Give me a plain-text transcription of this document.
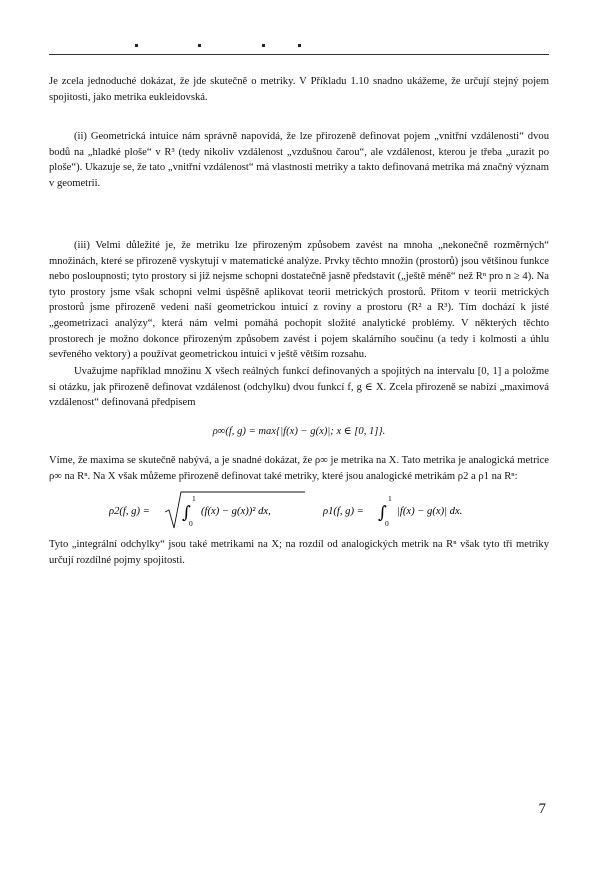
Je zcela jednoduché dokázat, že jde skutečně o metriky. V Příkladu 1.10 snadno ukážeme, že určují stejný pojem spojitosti, jako metrika eukleidovská.

(ii) Geometrická intuice nám správně napovídá, že lze přirozeně definovat pojem „vnitřní vzdálenosti“ dvou bodů na „hladké ploše“ v R³ (tedy nikoliv vzdálenost „vzdušnou čarou“, ale vzdálenost, kterou je třeba „urazit po ploše“). Ukazuje se, že tato „vnitřní vzdálenost“ má vlastnosti metriky a takto definovaná metrika má značný význam v geometrii.

(iii) Velmi důležité je, že metriku lze přirozeným způsobem zavést na mnoha „nekonečně rozměrných“ množinách, které se přirozeně vyskytují v matematické analýze. Prvky těchto množin (prostorů) jsou většinou funkce nebo posloupnosti; tyto prostory si již nejsme schopni dostatečně jasně představit („ještě méně“ než Rⁿ pro n ≥ 4). Na tyto prostory jsme však schopni velmi úspěšně aplikovat teorii metrických prostorů. Přitom v teorii metrických prostorů jsme přirozeně vedeni naší geometrickou intuicí z roviny a prostoru (R² a R³). Tím dochází k jisté „geometrizaci analýzy“, která nám velmi pomáhá pochopit složité analytické problémy. V některých těchto prostorech je možno dokonce přirozeným způsobem zavést i pojem skalárního součinu (a tedy i kolmosti a úhlu sevřeného vektory) a používat geometrickou intuici v ještě větším rozsahu.

Uvažujme například množinu X všech reálných funkcí definovaných a spojitých na intervalu [0, 1] a položme si otázku, jak přirozeně definovat vzdálenost (odchylku) dvou funkcí f, g ∈ X. Zcela přirozeně se nabízí „maximová vzdálenost“ definovaná předpisem

ρ∞(f, g) = max{|f(x) − g(x)|; x ∈ [0, 1]}.

Víme, že maxima se skutečně nabývá, a je snadné dokázat, že ρ∞ je metrika na X. Tato metrika je analogická metrice ρ∞ na Rⁿ. Na X však můžeme přirozeně definovat také metriky, které jsou analogické metrikám ρ2 a ρ1 na Rⁿ:

ρ2(f, g) = ∫
1
0
(f(x) − g(x))² dx,	ρ1(f, g) = ∫
1
0
|f(x) − g(x)| dx.

Tyto „integrální odchylky“ jsou také metrikami na X; na rozdíl od analogických metrik na Rⁿ však tyto tři metriky určují rozdílné pojmy spojitosti.

7
